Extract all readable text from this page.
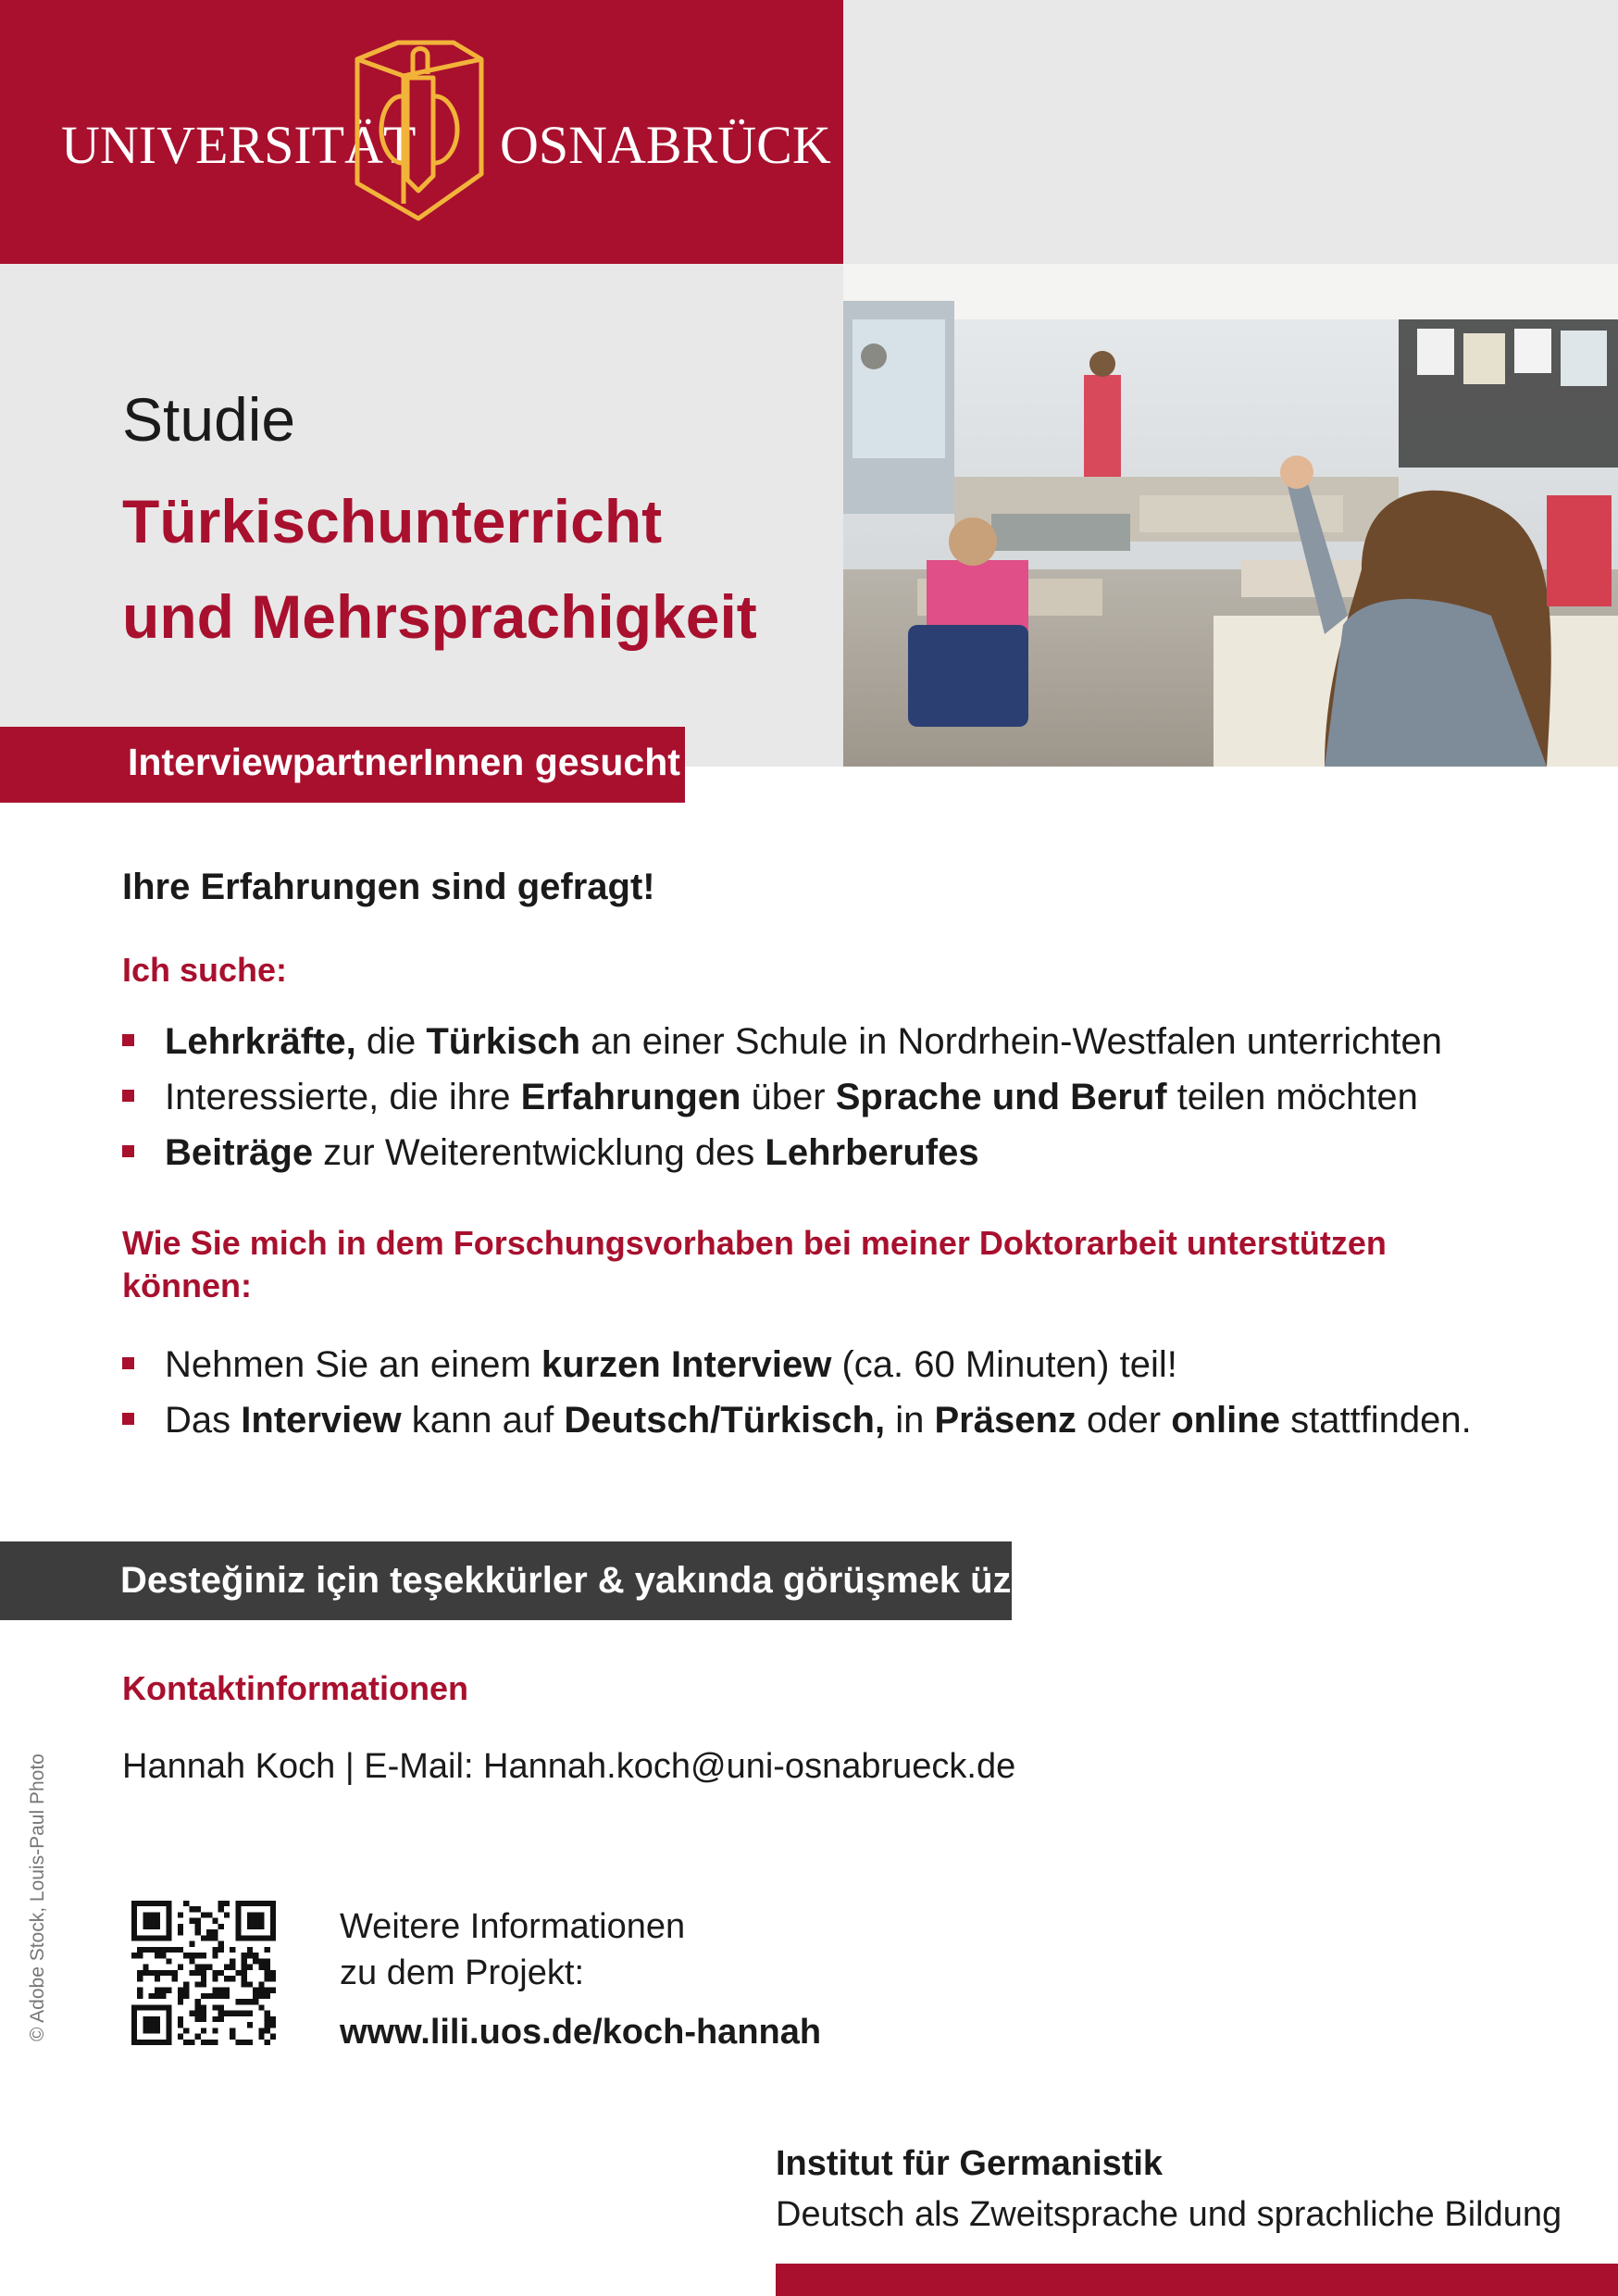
UNIVERSITÄT OSNABRÜCK
Studie
Türkischunterricht
und Mehrsprachigkeit
InterviewpartnerInnen gesucht
Ihre Erfahrungen sind gefragt!
Ich suche:
Lehrkräfte, die Türkisch an einer Schule in Nordrhein-Westfalen unterrichten
Interessierte, die ihre Erfahrungen über Sprache und Beruf teilen möchten
Beiträge zur Weiterentwicklung des Lehrberufes
Wie Sie mich in dem Forschungsvorhaben bei meiner Doktorarbeit unterstützen können:
Nehmen Sie an einem kurzen Interview (ca. 60 Minuten) teil!
Das Interview kann auf Deutsch/Türkisch, in Präsenz oder online stattfinden.
Desteğiniz için teşekkürler & yakında görüşmek üzere!
Kontaktinformationen
Hannah Koch | E-Mail: Hannah.koch@uni-osnabrueck.de
Weitere Informationen
zu dem Projekt:
www.lili.uos.de/koch-hannah
© Adobe Stock, Louis-Paul Photo
Institut für Germanistik
Deutsch als Zweitsprache und sprachliche Bildung
